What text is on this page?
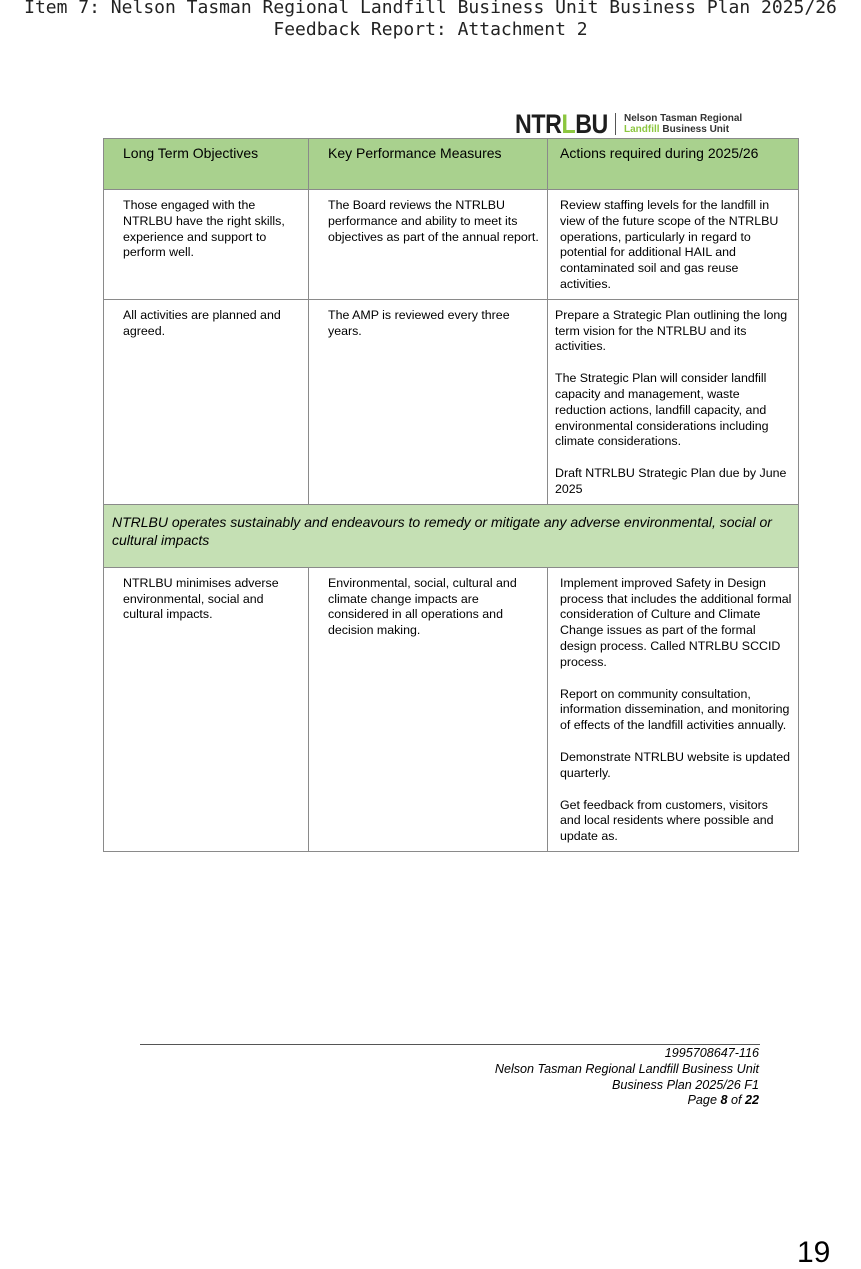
Item 7: Nelson Tasman Regional Landfill Business Unit Business Plan 2025/26 Feedback Report: Attachment 2
NTRLBU Nelson Tasman Regional
Landfill Business Unit
Long Term Objectives	Key Performance Measures	Actions required during 2025/26
Those engaged with the NTRLBU have the right skills, experience and support to perform well.	The Board reviews the NTRLBU performance and ability to meet its objectives as part of the annual report.	Review staffing levels for the landfill in view of the future scope of the NTRLBU operations, particularly in regard to potential for additional HAIL and contaminated soil and gas reuse activities.

All activities are planned and agreed.	The AMP is reviewed every three years.	Prepare a Strategic Plan outlining the long term vision for the NTRLBU and its activities.
The Strategic Plan will consider landfill capacity and management, waste reduction actions, landfill capacity, and environmental considerations including climate considerations.
Draft NTRLBU Strategic Plan due by June 2025

NTRLBU operates sustainably and endeavours to remedy or mitigate any adverse environmental, social or cultural impacts		
NTRLBU minimises adverse environmental, social and cultural impacts.	Environmental, social, cultural and climate change impacts are considered in all operations and decision making.	Implement improved Safety in Design process that includes the additional formal consideration of Culture and Climate Change issues as part of the formal design process. Called NTRLBU SCCID process.
Report on community consultation, information dissemination, and monitoring of effects of the landfill activities annually.
Demonstrate NTRLBU website is updated quarterly.
Get feedback from customers, visitors and local residents where possible and update as.
1995708647-116
Nelson Tasman Regional Landfill Business Unit
Business Plan 2025/26 F1
Page 8 of 22
19
